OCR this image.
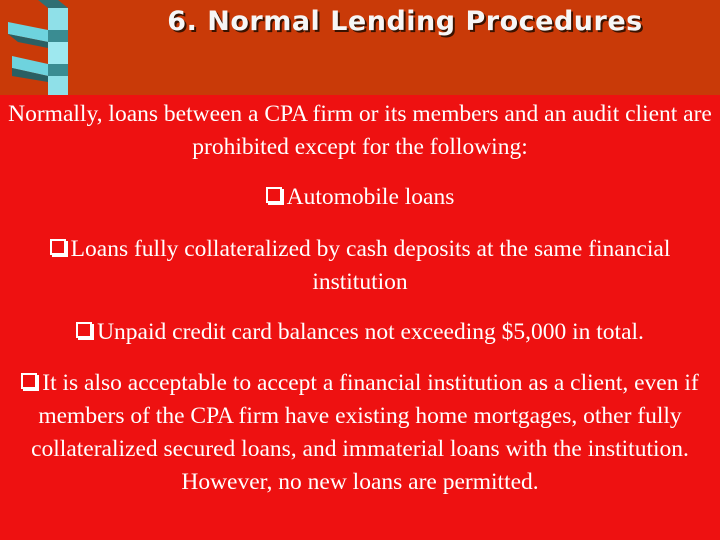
6. Normal Lending Procedures
Normally, loans between a CPA firm or its members and an audit client are prohibited except for the following:
Automobile loans
Loans fully collateralized by cash deposits at the same financial institution
Unpaid credit card balances not exceeding $5,000 in total.
It is also acceptable to accept a financial institution as a client, even if members of the CPA firm have existing home mortgages, other fully collateralized secured loans, and immaterial loans with the institution. However, no new loans are permitted.
